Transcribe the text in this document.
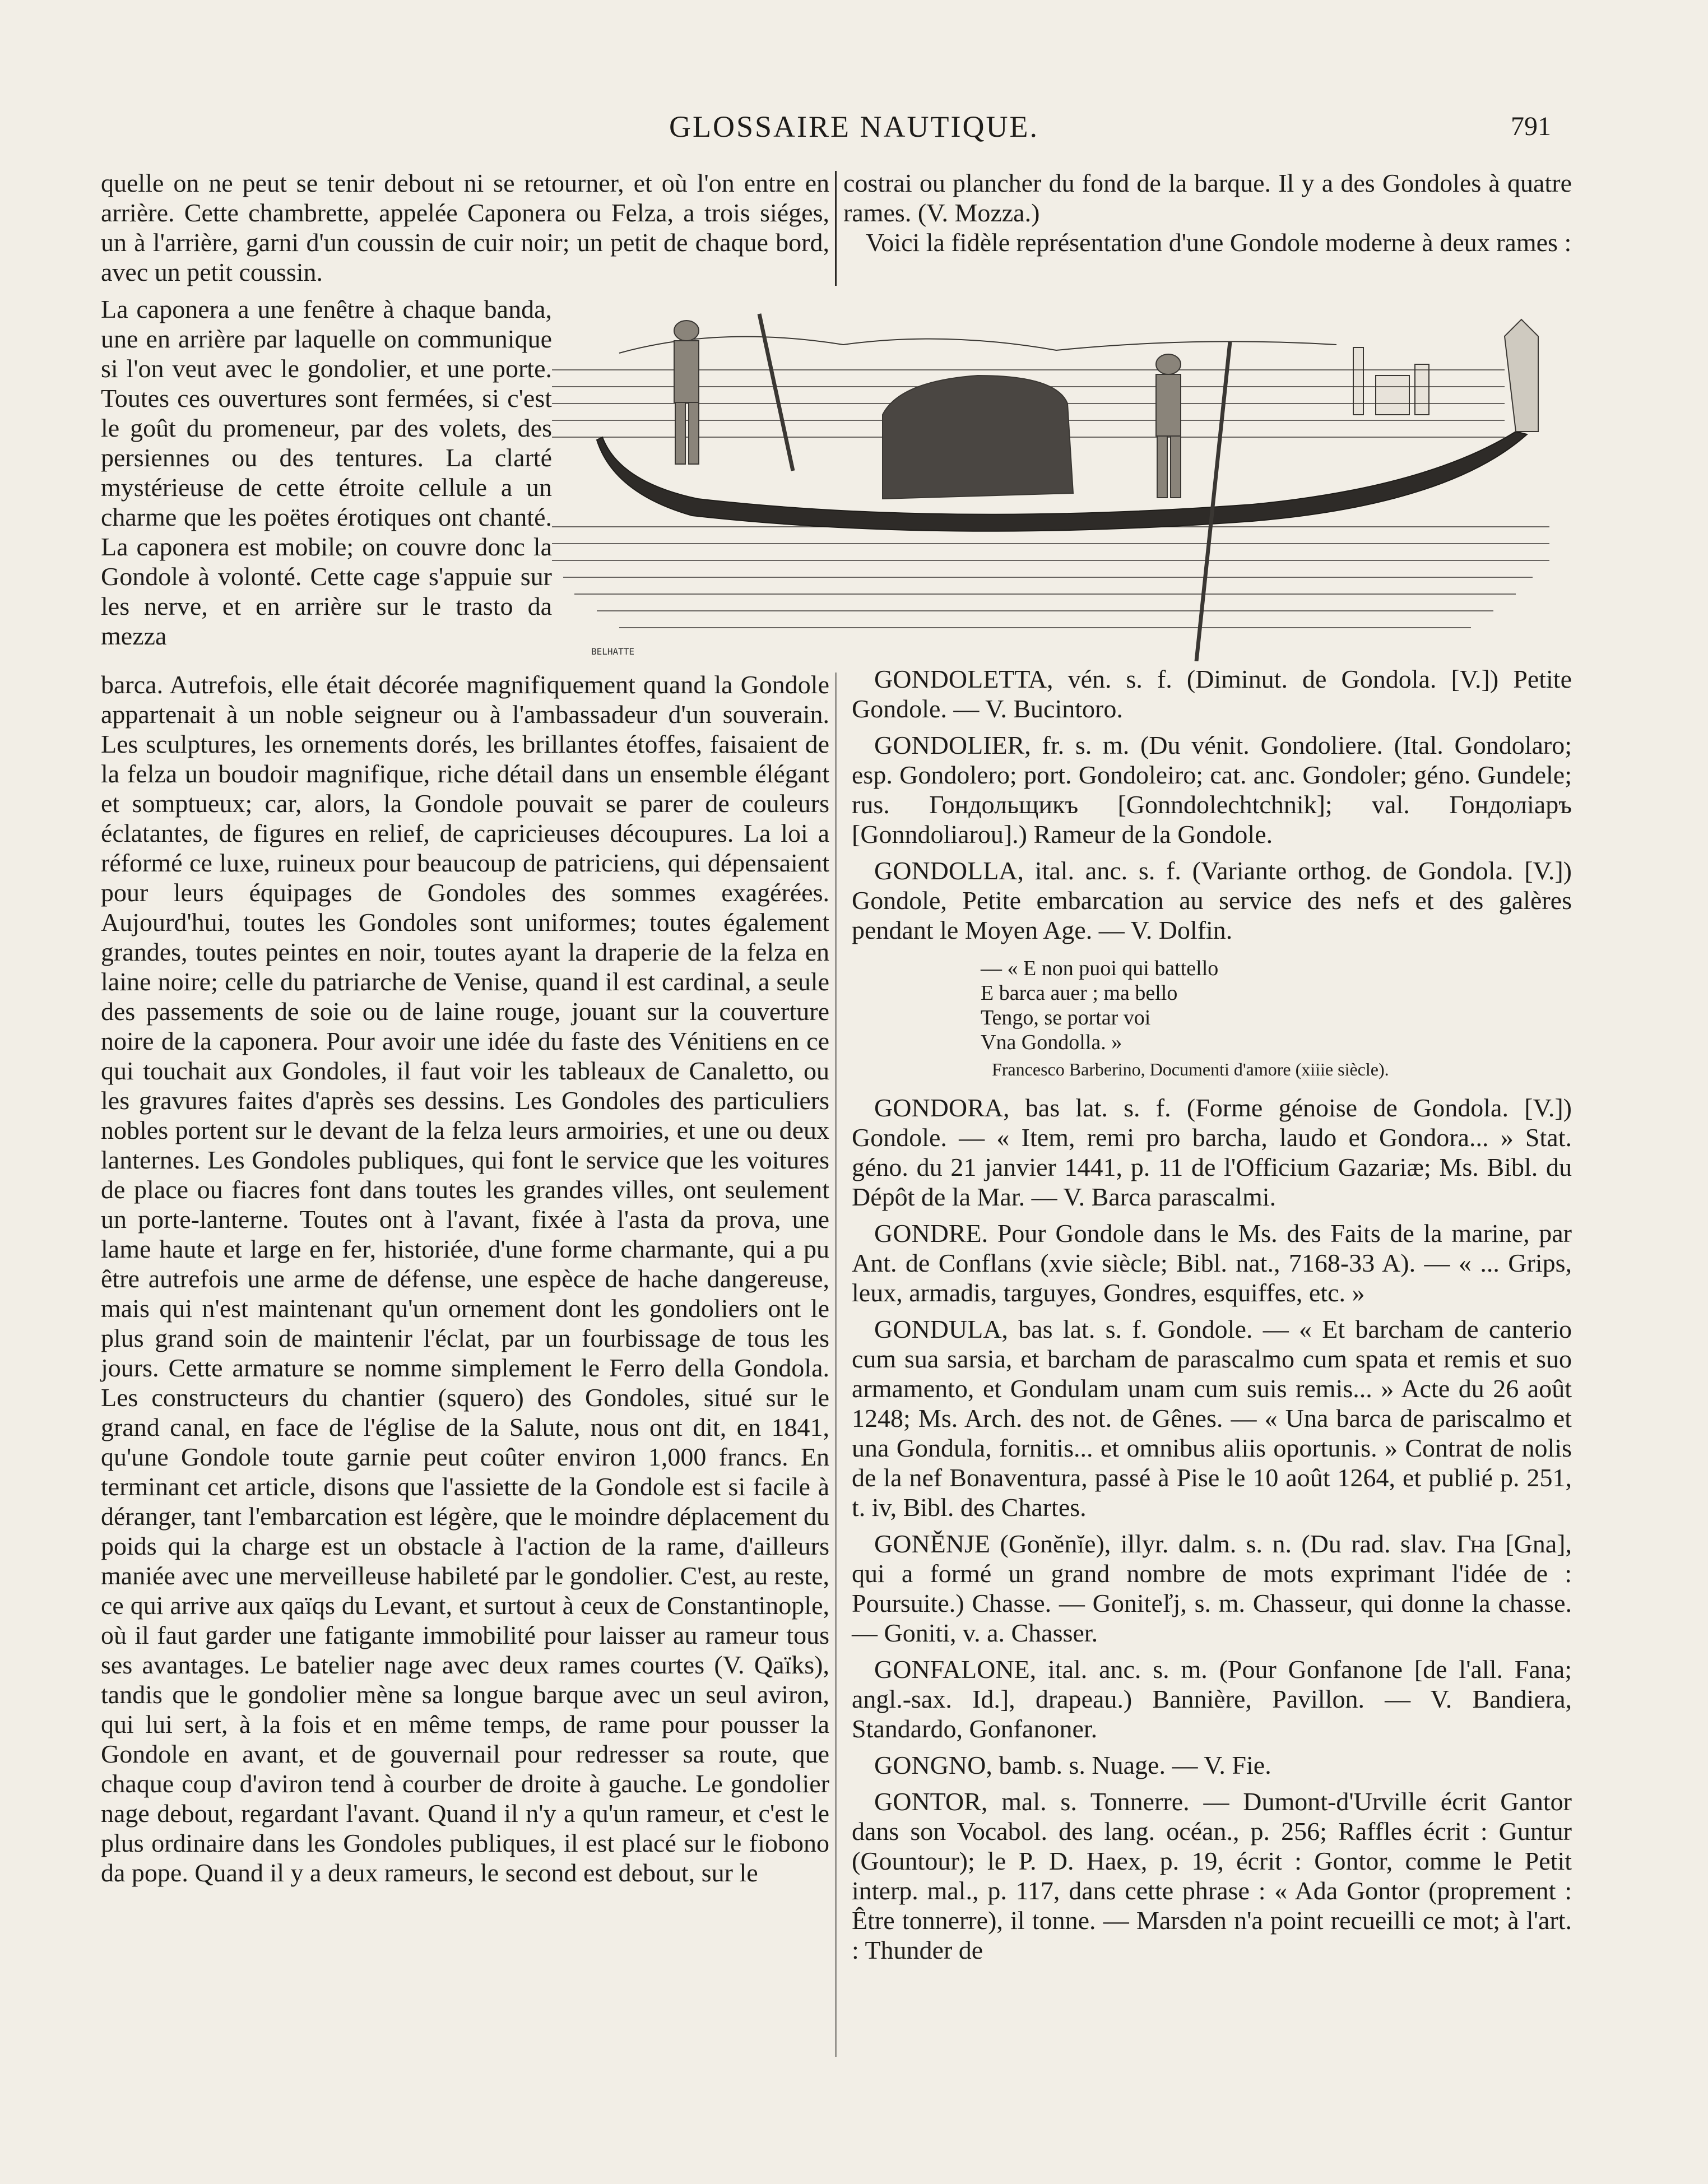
GLOSSAIRE NAUTIQUE.	791

quelle on ne peut se tenir debout ni se retourner, et où l'on entre en arrière. Cette chambrette, appelée Caponera ou Felza, a trois siéges, un à l'arrière, garni d'un coussin de cuir noir; un petit de chaque bord, avec un petit coussin.

La caponera a une fenêtre à chaque banda, une en arrière par laquelle on communique si l'on veut avec le gondolier, et une porte. Toutes ces ouvertures sont fermées, si c'est le goût du promeneur, par des volets, des persiennes ou des tentures. La clarté mystérieuse de cette étroite cellule a un charme que les poëtes érotiques ont chanté. La caponera est mobile; on couvre donc la Gondole à volonté. Cette cage s'appuie sur les nerve, et en arrière sur le trasto da mezza

barca. Autrefois, elle était décorée magnifiquement quand la Gondole appartenait à un noble seigneur ou à l'ambassadeur d'un souverain. Les sculptures, les ornements dorés, les brillantes étoffes, faisaient de la felza un boudoir magnifique, riche détail dans un ensemble élégant et somptueux; car, alors, la Gondole pouvait se parer de couleurs éclatantes, de figures en relief, de capricieuses découpures. La loi a réformé ce luxe, ruineux pour beaucoup de patriciens, qui dépensaient pour leurs équipages de Gondoles des sommes exagérées. Aujourd'hui, toutes les Gondoles sont uniformes; toutes également grandes, toutes peintes en noir, toutes ayant la draperie de la felza en laine noire; celle du patriarche de Venise, quand il est cardinal, a seule des passements de soie ou de laine rouge, jouant sur la couverture noire de la caponera. Pour avoir une idée du faste des Vénitiens en ce qui touchait aux Gondoles, il faut voir les tableaux de Canaletto, ou les gravures faites d'après ses dessins. Les Gondoles des particuliers nobles portent sur le devant de la felza leurs armoiries, et une ou deux lanternes. Les Gondoles publiques, qui font le service que les voitures de place ou fiacres font dans toutes les grandes villes, ont seulement un porte-lanterne. Toutes ont à l'avant, fixée à l'asta da prova, une lame haute et large en fer, historiée, d'une forme charmante, qui a pu être autrefois une arme de défense, une espèce de hache dangereuse, mais qui n'est maintenant qu'un ornement dont les gondoliers ont le plus grand soin de maintenir l'éclat, par un fourbissage de tous les jours. Cette armature se nomme simplement le Ferro della Gondola. Les constructeurs du chantier (squero) des Gondoles, situé sur le grand canal, en face de l'église de la Salute, nous ont dit, en 1841, qu'une Gondole toute garnie peut coûter environ 1,000 francs. En terminant cet article, disons que l'assiette de la Gondole est si facile à déranger, tant l'embarcation est légère, que le moindre déplacement du poids qui la charge est un obstacle à l'action de la rame, d'ailleurs maniée avec une merveilleuse habileté par le gondolier. C'est, au reste, ce qui arrive aux qaïqs du Levant, et surtout à ceux de Constantinople, où il faut garder une fatigante immobilité pour laisser au rameur tous ses avantages. Le batelier nage avec deux rames courtes (V. Qaïks), tandis que le gondolier mène sa longue barque avec un seul aviron, qui lui sert, à la fois et en même temps, de rame pour pousser la Gondole en avant, et de gouvernail pour redresser sa route, que chaque coup d'aviron tend à courber de droite à gauche. Le gondolier nage debout, regardant l'avant. Quand il n'y a qu'un rameur, et c'est le plus ordinaire dans les Gondoles publiques, il est placé sur le fiobono da pope. Quand il y a deux rameurs, le second est debout, sur le

costrai ou plancher du fond de la barque. Il y a des Gondoles à quatre rames. (V. Mozza.)

Voici la fidèle représentation d'une Gondole moderne à deux rames :

BELHATTE

GONDOLETTA, vén. s. f. (Diminut. de Gondola. [V.]) Petite Gondole. — V. Bucintoro.

GONDOLIER, fr. s. m. (Du vénit. Gondoliere. (Ital. Gondolaro; esp. Gondolero; port. Gondoleiro; cat. anc. Gondoler; géno. Gundele; rus. Гондольщикъ [Gonndolechtchnik]; val. Гондоліаръ [Gonndoliarou].) Rameur de la Gondole.

GONDOLLA, ital. anc. s. f. (Variante orthog. de Gondola. [V.]) Gondole, Petite embarcation au service des nefs et des galères pendant le Moyen Age. — V. Dolfin.

— « E non puoi qui battello

E barca auer ; ma bello

Tengo, se portar voi

Vna Gondolla. »

Francesco Barberino, Documenti d'amore (xiiie siècle).

GONDORA, bas lat. s. f. (Forme génoise de Gondola. [V.]) Gondole. — « Item, remi pro barcha, laudo et Gondora... » Stat. géno. du 21 janvier 1441, p. 11 de l'Officium Gazariæ; Ms. Bibl. du Dépôt de la Mar. — V. Barca parascalmi.

GONDRE. Pour Gondole dans le Ms. des Faits de la marine, par Ant. de Conflans (xvie siècle; Bibl. nat., 7168-33 A). — « ... Grips, leux, armadis, targuyes, Gondres, esquiffes, etc. »

GONDULA, bas lat. s. f. Gondole. — « Et barcham de canterio cum sua sarsia, et barcham de parascalmo cum spata et remis et suo armamento, et Gondulam unam cum suis remis... » Acte du 26 août 1248; Ms. Arch. des not. de Gênes. — « Una barca de pariscalmo et una Gondula, fornitis... et omnibus aliis oportunis. » Contrat de nolis de la nef Bonaventura, passé à Pise le 10 août 1264, et publié p. 251, t. iv, Bibl. des Chartes.

GONĚNJE (Gonĕnĭe), illyr. dalm. s. n. (Du rad. slav. Гна [Gna], qui a formé un grand nombre de mots exprimant l'idée de : Poursuite.) Chasse. — Goniteľj, s. m. Chasseur, qui donne la chasse. — Goniti, v. a. Chasser.

GONFALONE, ital. anc. s. m. (Pour Gonfanone [de l'all. Fana; angl.-sax. Id.], drapeau.) Bannière, Pavillon. — V. Bandiera, Standardo, Gonfanoner.

GONGNO, bamb. s. Nuage. — V. Fie.

GONTOR, mal. s. Tonnerre. — Dumont-d'Urville écrit Gantor dans son Vocabol. des lang. océan., p. 256; Raffles écrit : Guntur (Gountour); le P. D. Haex, p. 19, écrit : Gontor, comme le Petit interp. mal., p. 117, dans cette phrase : « Ada Gontor (proprement : Être tonnerre), il tonne. — Marsden n'a point recueilli ce mot; à l'art. : Thunder de
